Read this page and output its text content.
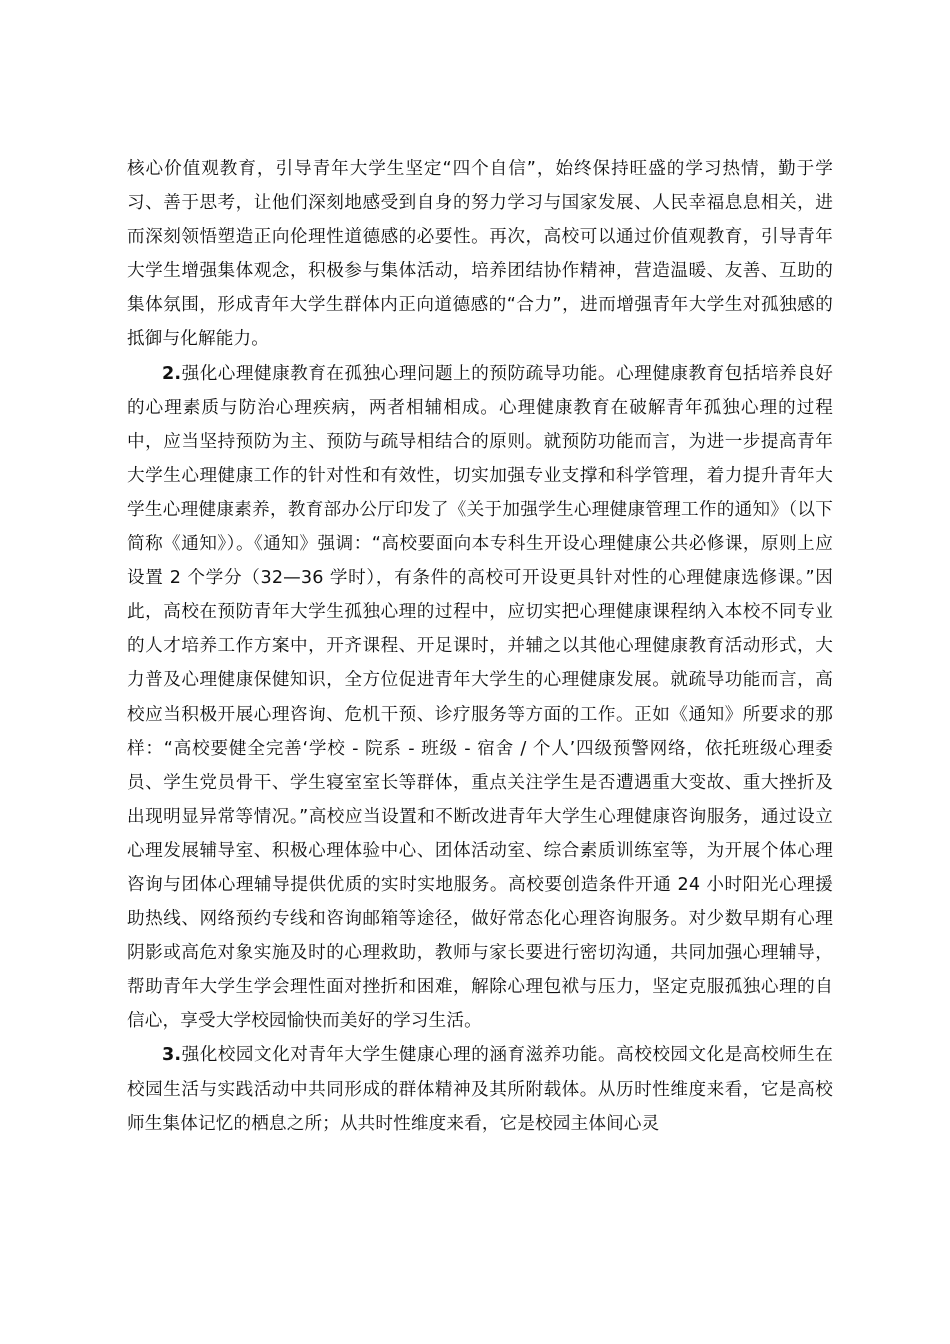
核心价值观教育，引导青年大学生坚定“四个自信”，始终保持旺盛的学习热情，勤于学习、善于思考，让他们深刻地感受到自身的努力学习与国家发展、人民幸福息息相关，进而深刻领悟塑造正向伦理性道德感的必要性。再次，高校可以通过价值观教育，引导青年大学生增强集体观念，积极参与集体活动，培养团结协作精神，营造温暖、友善、互助的集体氛围，形成青年大学生群体内正向道德感的“合力”，进而增强青年大学生对孤独感的抵御与化解能力。

2.强化心理健康教育在孤独心理问题上的预防疏导功能。心理健康教育包括培养良好的心理素质与防治心理疾病，两者相辅相成。心理健康教育在破解青年孤独心理的过程中，应当坚持预防为主、预防与疏导相结合的原则。就预防功能而言，为进一步提高青年大学生心理健康工作的针对性和有效性，切实加强专业支撑和科学管理，着力提升青年大学生心理健康素养，教育部办公厅印发了《关于加强学生心理健康管理工作的通知》（以下简称《通知》）。《通知》强调：“高校要面向本专科生开设心理健康公共必修课，原则上应设置 2 个学分（32—36 学时），有条件的高校可开设更具针对性的心理健康选修课。”因此，高校在预防青年大学生孤独心理的过程中，应切实把心理健康课程纳入本校不同专业的人才培养工作方案中，开齐课程、开足课时，并辅之以其他心理健康教育活动形式，大力普及心理健康保健知识，全方位促进青年大学生的心理健康发展。就疏导功能而言，高校应当积极开展心理咨询、危机干预、诊疗服务等方面的工作。正如《通知》所要求的那样：“高校要健全完善‘学校 - 院系 - 班级 - 宿舍 / 个人’四级预警网络，依托班级心理委员、学生党员骨干、学生寝室室长等群体，重点关注学生是否遭遇重大变故、重大挫折及出现明显异常等情况。”高校应当设置和不断改进青年大学生心理健康咨询服务，通过设立心理发展辅导室、积极心理体验中心、团体活动室、综合素质训练室等，为开展个体心理咨询与团体心理辅导提供优质的实时实地服务。高校要创造条件开通 24 小时阳光心理援助热线、网络预约专线和咨询邮箱等途径，做好常态化心理咨询服务。对少数早期有心理阴影或高危对象实施及时的心理救助，教师与家长要进行密切沟通，共同加强心理辅导，帮助青年大学生学会理性面对挫折和困难，解除心理包袱与压力，坚定克服孤独心理的自信心，享受大学校园愉快而美好的学习生活。

3.强化校园文化对青年大学生健康心理的涵育滋养功能。高校校园文化是高校师生在校园生活与实践活动中共同形成的群体精神及其所附载体。从历时性维度来看，它是高校师生集体记忆的栖息之所；从共时性维度来看，它是校园主体间心灵
